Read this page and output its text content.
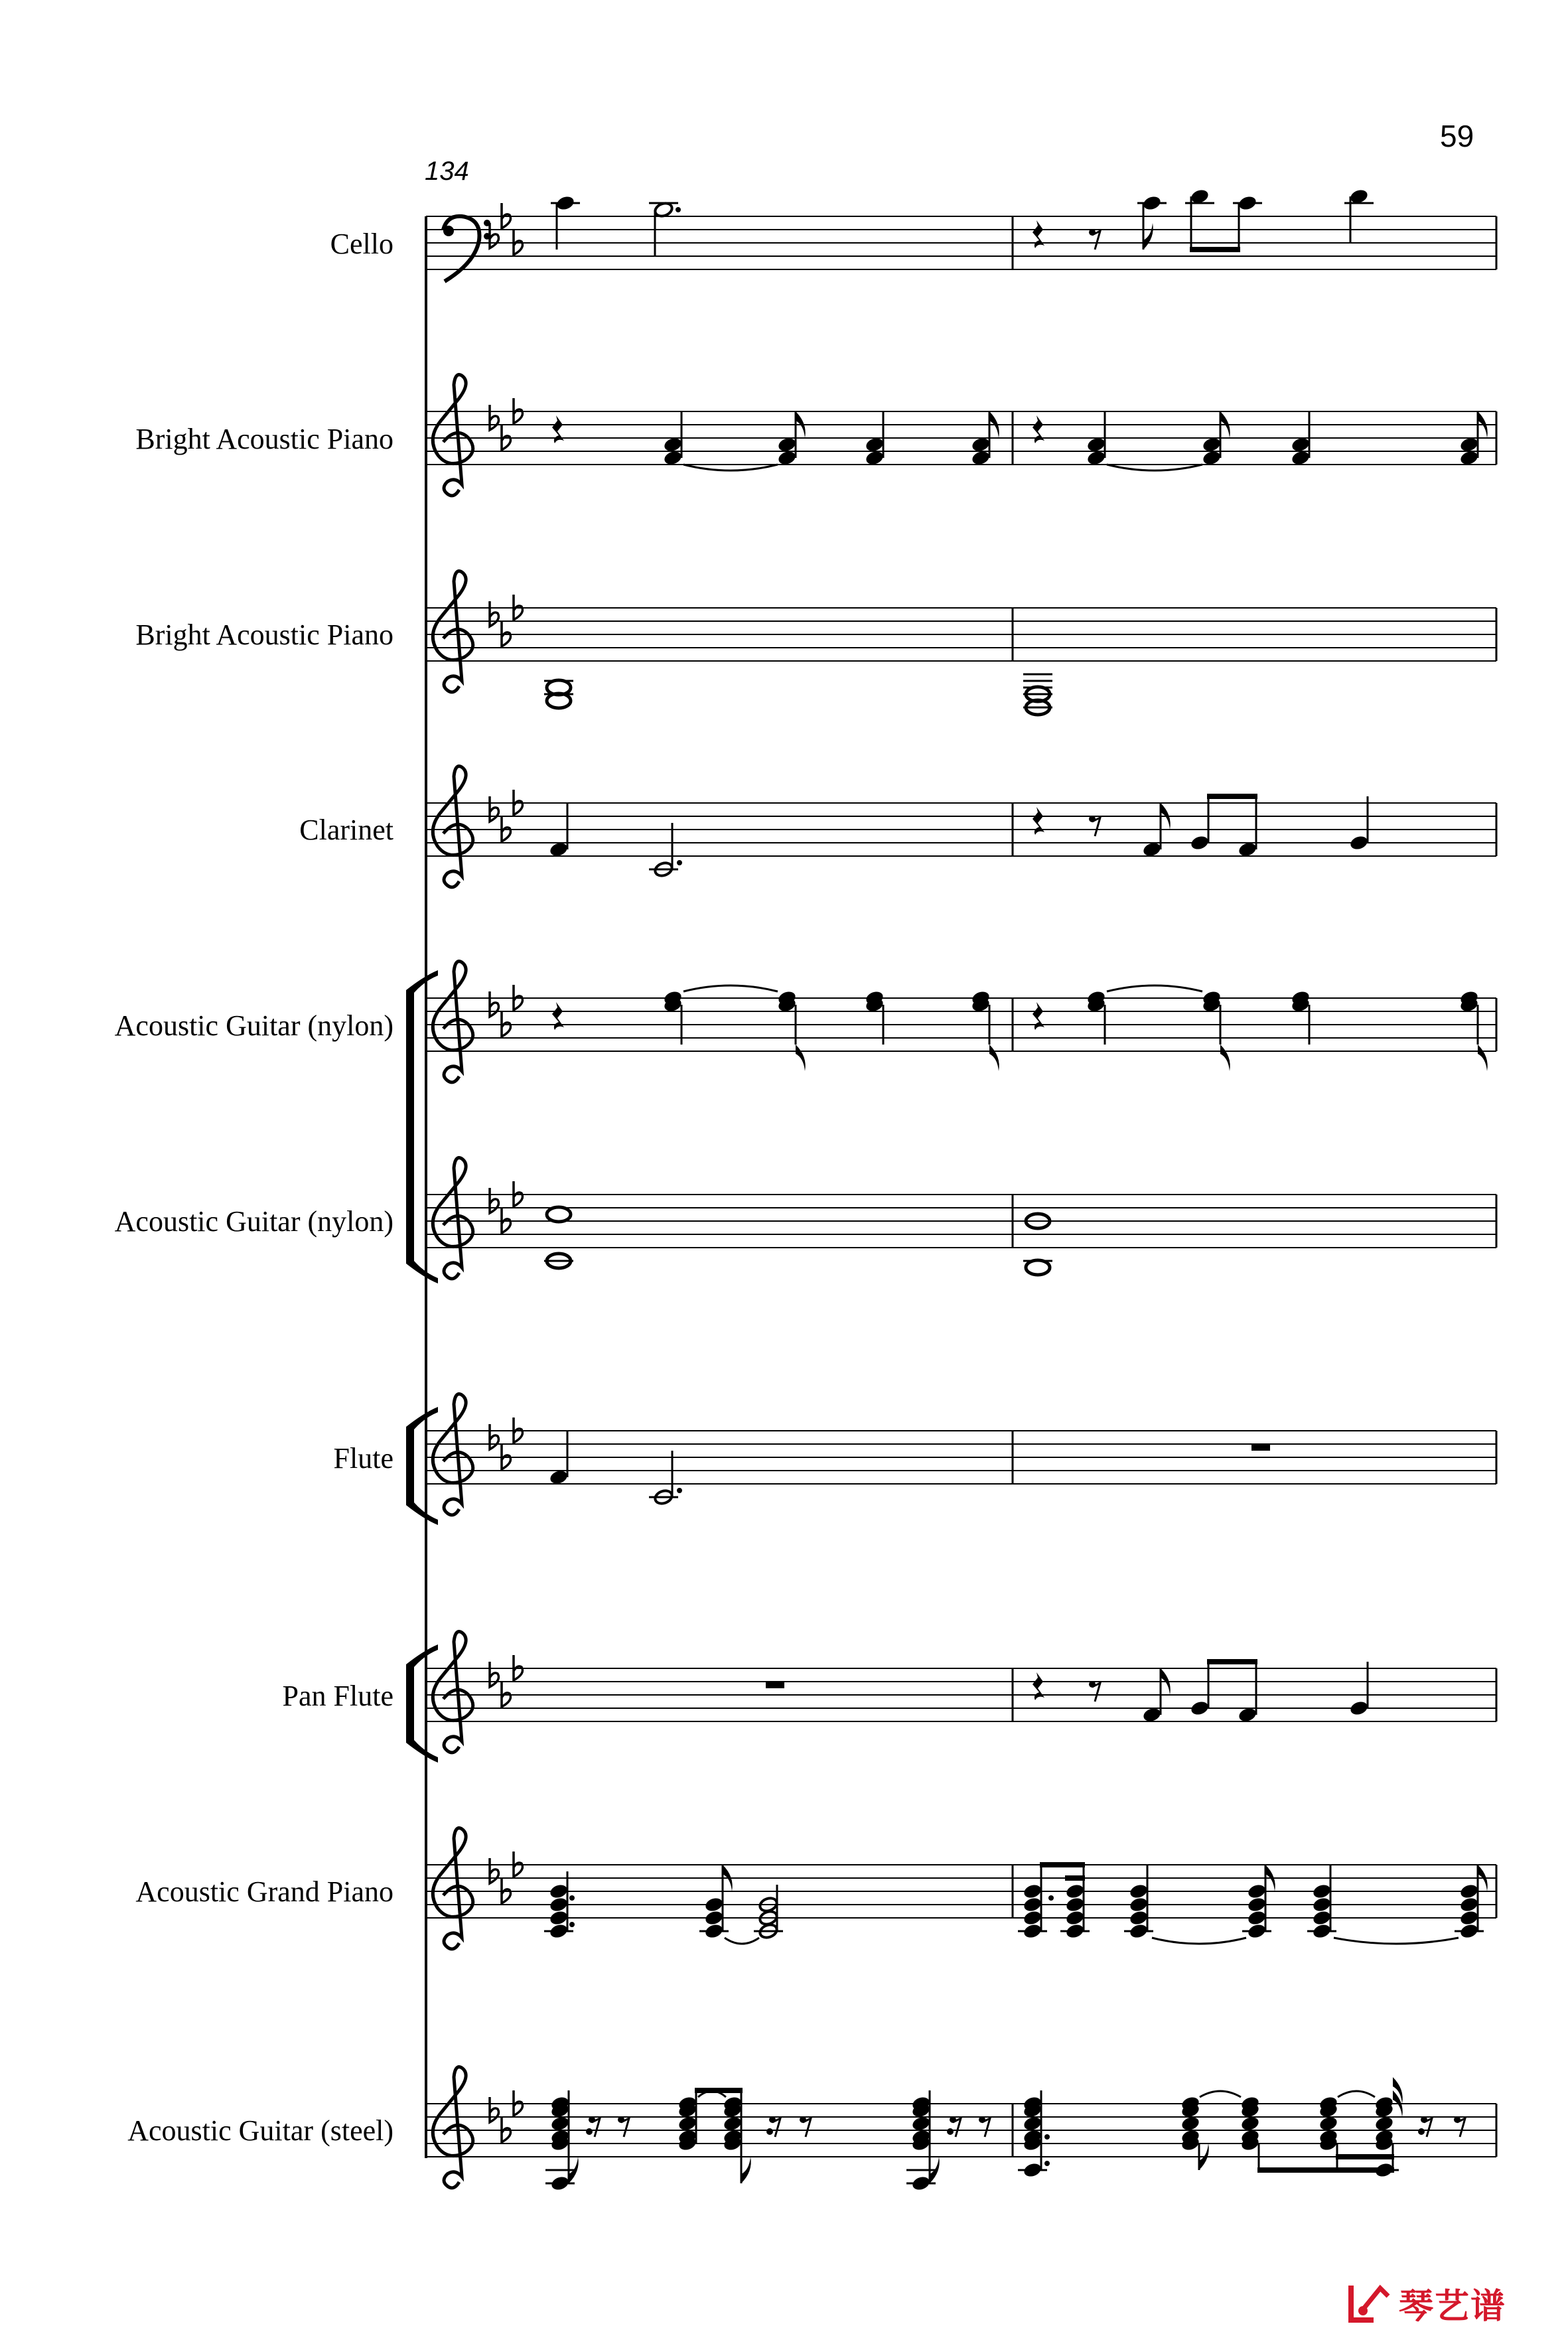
59
134
Cello
Bright Acoustic Piano
Bright Acoustic Piano
Clarinet
Acoustic Guitar (nylon)
Acoustic Guitar (nylon)
Flute
Pan Flute
Acoustic Grand Piano
Acoustic Guitar (steel)
琴艺谱
